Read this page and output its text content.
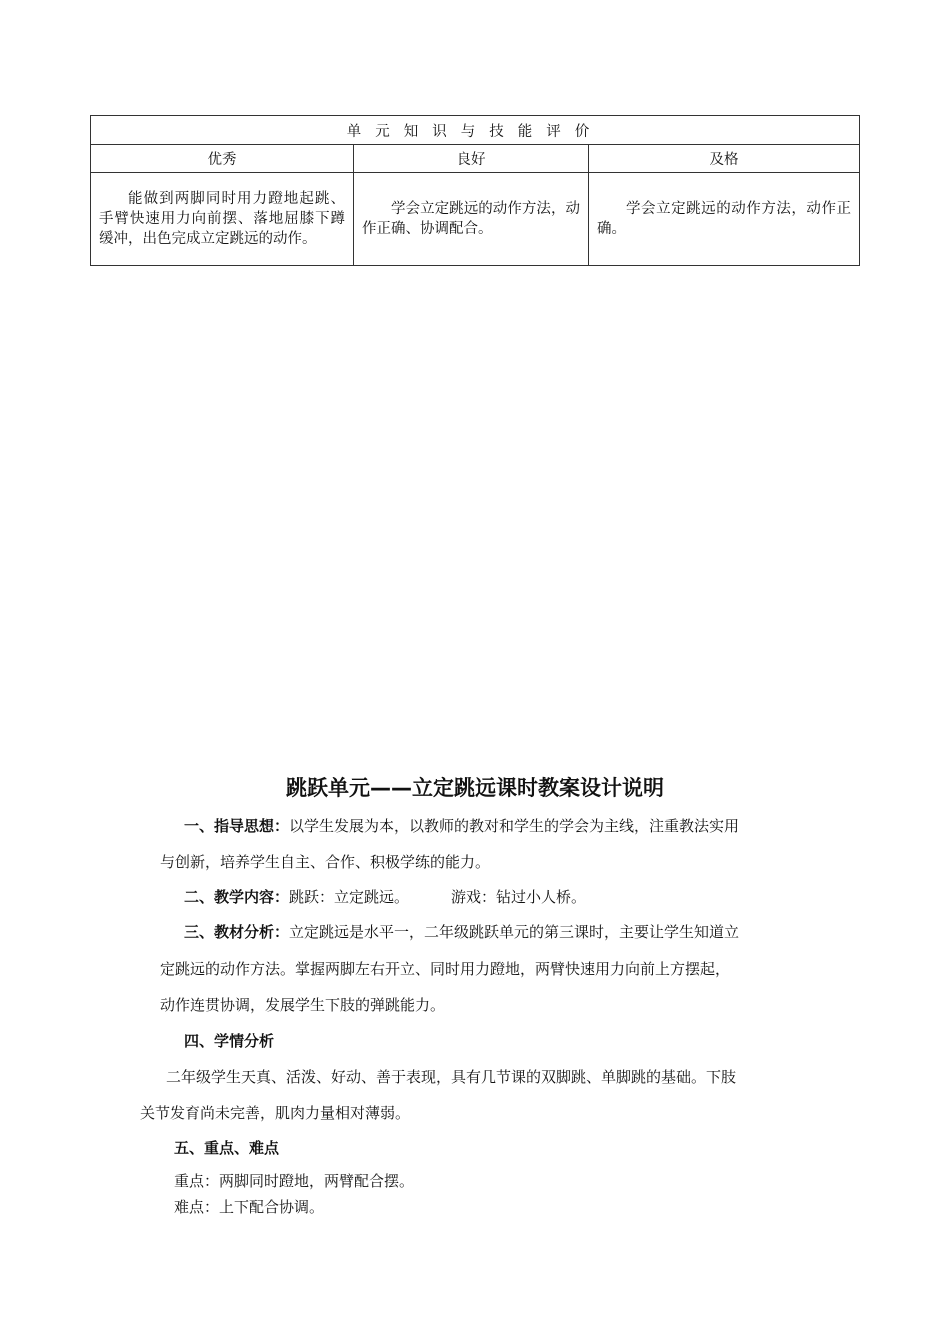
单元知识与技能评价		
优秀	良好	及格

能做到两脚同时用力蹬地起跳、手臂快速用力向前摆、落地屈膝下蹲缓冲，出色完成立定跳远的动作。	学会立定跳远的动作方法，动作正确、协调配合。	学会立定跳远的动作方法，动作正确。
跳跃单元——立定跳远课时教案设计说明
一、指导思想：以学生发展为本，以教师的教对和学生的学会为主线，注重教法实用
与创新，培养学生自主、合作、积极学练的能力。
二、教学内容：跳跃：立定跳远。	游戏：钻过小人桥。
三、教材分析：立定跳远是水平一，二年级跳跃单元的第三课时，主要让学生知道立
定跳远的动作方法。掌握两脚左右开立、同时用力蹬地，两臂快速用力向前上方摆起，
动作连贯协调，发展学生下肢的弹跳能力。
四、学情分析
二年级学生天真、活泼、好动、善于表现，具有几节课的双脚跳、单脚跳的基础。下肢
关节发育尚未完善，肌肉力量相对薄弱。
五、重点、难点
重点：两脚同时蹬地，两臂配合摆。
难点：上下配合协调。
